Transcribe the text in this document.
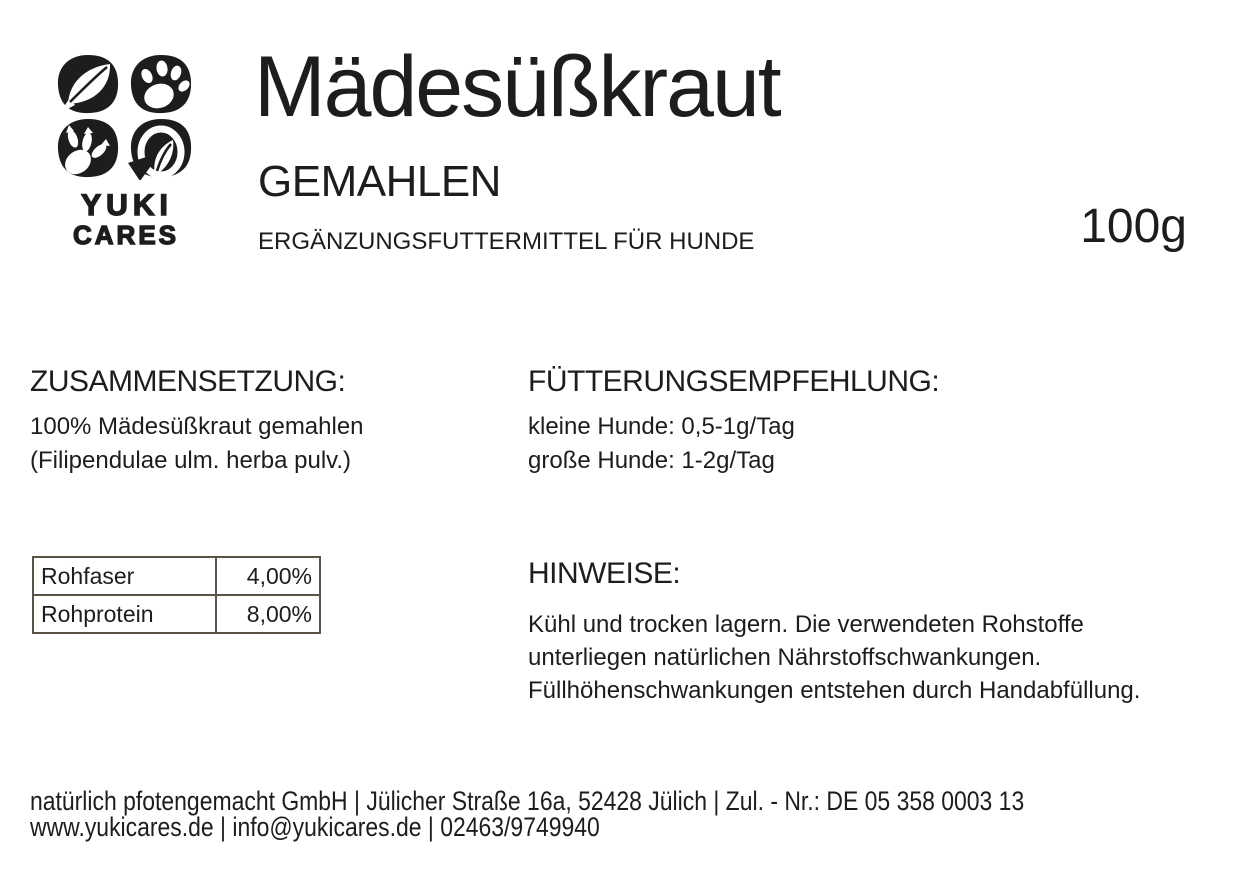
YUKI
CARES
Mädesüßkraut
GEMAHLEN
ERGÄNZUNGSFUTTERMITTEL FÜR HUNDE	100g
ZUSAMMENSETZUNG:
100% Mädesüßkraut gemahlen
(Filipendulae ulm. herba pulv.)
FÜTTERUNGSEMPFEHLUNG:
kleine Hunde: 0,5-1g/Tag
große Hunde: 1-2g/Tag
Rohfaser	4,00%
Rohprotein	8,00%
HINWEISE:
Kühl und trocken lagern. Die verwendeten Rohstoffe
unterliegen natürlichen Nährstoffschwankungen.
Füllhöhenschwankungen entstehen durch Handabfüllung.
natürlich pfotengemacht GmbH | Jülicher Straße 16a, 52428 Jülich | Zul. - Nr.: DE 05 358 0003 13
www.yukicares.de | info@yukicares.de | 02463/9749940
